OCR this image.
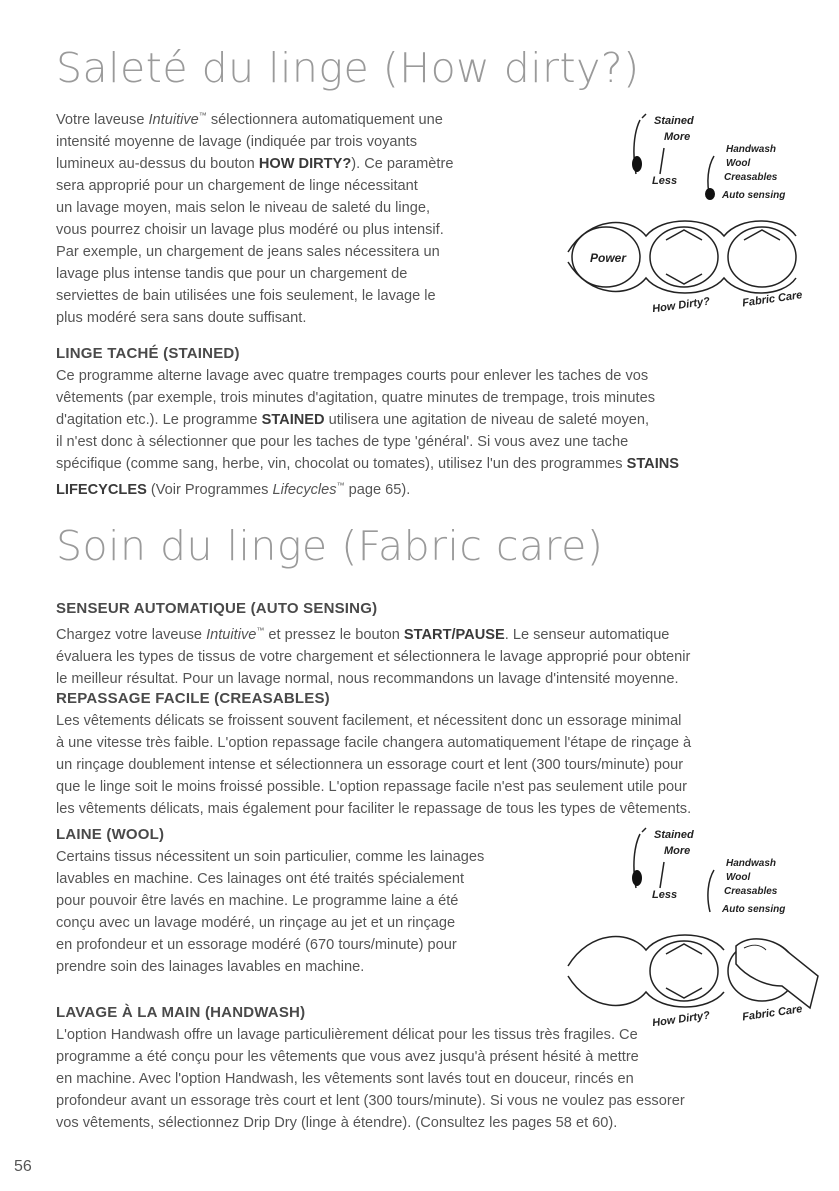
Saleté du linge (How dirty?)
Votre laveuse Intuitive™ sélectionnera automatiquement une
intensité moyenne de lavage (indiquée par trois voyants
lumineux au-dessus du bouton HOW DIRTY?). Ce paramètre
sera approprié pour un chargement de linge nécessitant
un lavage moyen, mais selon le niveau de saleté du linge,
vous pourrez choisir un lavage plus modéré ou plus intensif.
Par exemple, un chargement de jeans sales nécessitera un
lavage plus intense tandis que pour un chargement de
serviettes de bain utilisées une fois seulement, le lavage le
plus modéré sera sans doute suffisant.
Stained
More
Less
Handwash
Wool
Creasables
Auto sensing
Power
How Dirty?	Fabric Care
LINGE TACHÉ (STAINED)
Ce programme alterne lavage avec quatre trempages courts pour enlever les taches de vos
vêtements (par exemple, trois minutes d'agitation, quatre minutes de trempage, trois minutes
d'agitation etc.). Le programme STAINED utilisera une agitation de niveau de saleté moyen,
il n'est donc à sélectionner que pour les taches de type 'général'. Si vous avez une tache
spécifique (comme sang, herbe, vin, chocolat ou tomates), utilisez l'un des programmes STAINS
LIFECYCLES (Voir Programmes Lifecycles™ page 65).
Soin du linge (Fabric care)
SENSEUR AUTOMATIQUE (AUTO SENSING)
Chargez votre laveuse Intuitive™ et pressez le bouton START/PAUSE. Le senseur automatique
évaluera les types de tissus de votre chargement et sélectionnera le lavage approprié pour obtenir
le meilleur résultat. Pour un lavage normal, nous recommandons un lavage d'intensité moyenne.
REPASSAGE FACILE (CREASABLES)
Les vêtements délicats se froissent souvent facilement, et nécessitent donc un essorage minimal
à une vitesse très faible. L'option repassage facile changera automatiquement l'étape de rinçage à
un rinçage doublement intense et sélectionnera un essorage court et lent (300 tours/minute) pour
que le linge soit le moins froissé possible. L'option repassage facile n'est pas seulement utile pour
les vêtements délicats, mais également pour faciliter le repassage de tous les types de vêtements.
LAINE (WOOL)
Certains tissus nécessitent un soin particulier, comme les lainages
lavables en machine. Ces lainages ont été traités spécialement
pour pouvoir être lavés en machine. Le programme laine a été
conçu avec un lavage modéré, un rinçage au jet et un rinçage
en profondeur et un essorage modéré (670 tours/minute) pour
prendre soin des lainages lavables en machine.
Stained
More
Less
Handwash
Wool
Creasables
Auto sensing
How Dirty?	Fabric Care
LAVAGE À LA MAIN (HANDWASH)
L'option Handwash offre un lavage particulièrement délicat pour les tissus très fragiles. Ce
programme a été conçu pour les vêtements que vous avez jusqu'à présent hésité à mettre
en machine. Avec l'option Handwash, les vêtements sont lavés tout en douceur, rincés en
profondeur avant un essorage très court et lent (300 tours/minute). Si vous ne voulez pas essorer
vos vêtements, sélectionnez Drip Dry (linge à étendre). (Consultez les pages 58 et 60).
56
